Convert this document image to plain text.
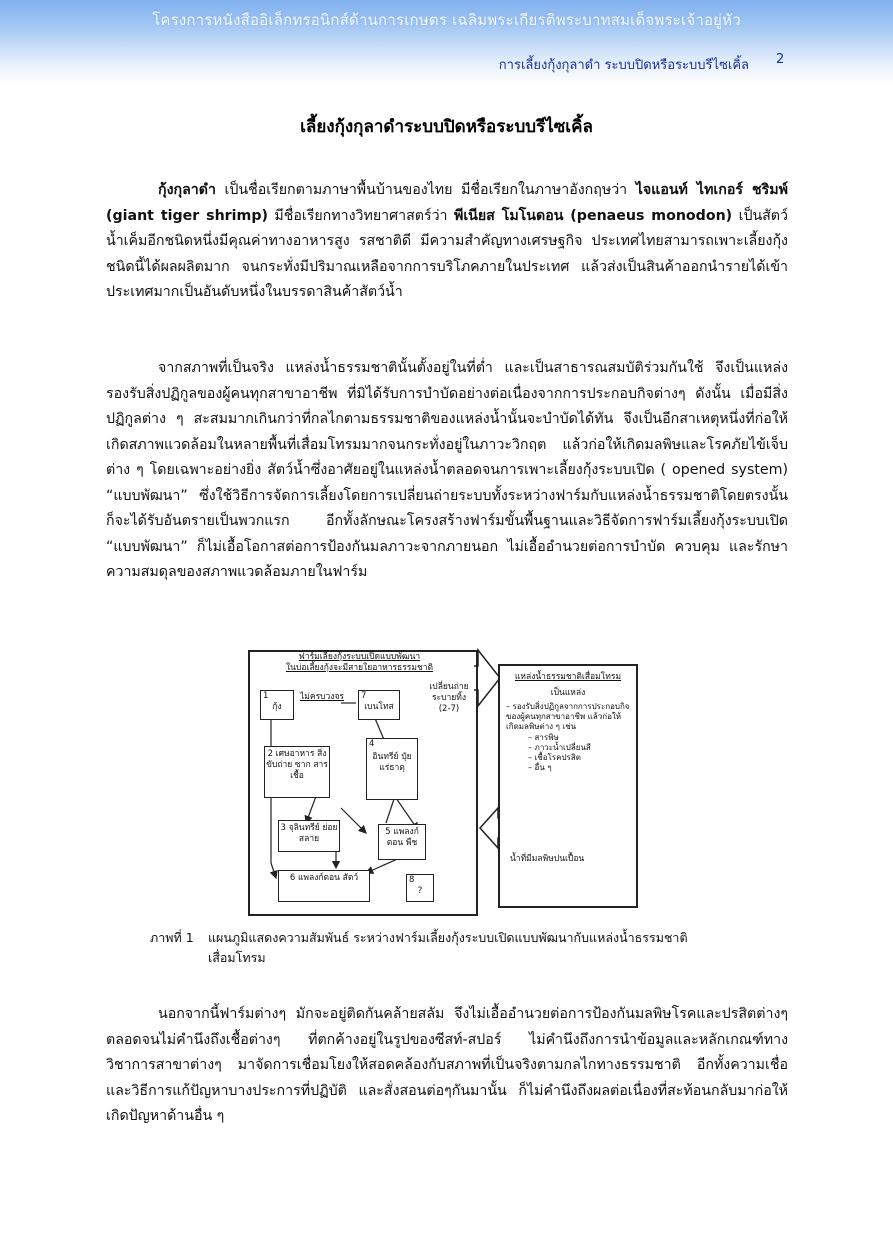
โครงการหนังสืออิเล็กทรอนิกส์ด้านการเกษตร เฉลิมพระเกียรติพระบาทสมเด็จพระเจ้าอยู่หัว
การเลี้ยงกุ้งกุลาดำ ระบบปิดหรือระบบรีไซเคิ้ล 2
เลี้ยงกุ้งกุลาดำระบบปิดหรือระบบรีไซเคิ้ล
กุ้งกุลาดำ เป็นชื่อเรียกตามภาษาพื้นบ้านของไทย มีชื่อเรียกในภาษาอังกฤษว่า ไจแอนท์ ไทเกอร์ ชริมพ์ (giant tiger shrimp) มีชื่อเรียกทางวิทยาศาสตร์ว่า พีเนียส โมโนดอน (penaeus monodon) เป็นสัตว์น้ำเค็มอีกชนิดหนึ่งมีคุณค่าทางอาหารสูง รสชาติดี มีความสำคัญทางเศรษฐกิจ ประเทศไทยสามารถเพาะเลี้ยงกุ้งชนิดนี้ได้ผลผลิตมาก จนกระทั่งมีปริมาณเหลือจากการบริโภคภายในประเทศ แล้วส่งเป็นสินค้าออกนำรายได้เข้าประเทศมากเป็นอันดับหนึ่งในบรรดาสินค้าสัตว์น้ำ
จากสภาพที่เป็นจริง แหล่งน้ำธรรมชาตินั้นตั้งอยู่ในที่ต่ำ และเป็นสาธารณสมบัติร่วมกันใช้ จึงเป็นแหล่งรองรับสิ่งปฏิกูลของผู้คนทุกสาขาอาชีพ ที่มิได้รับการบำบัดอย่างต่อเนื่องจากการประกอบกิจต่างๆ ดังนั้น เมื่อมีสิ่งปฏิกูลต่าง ๆ สะสมมากเกินกว่าที่กลไกตามธรรมชาติของแหล่งน้ำนั้นจะบำบัดได้ทัน จึงเป็นอีกสาเหตุหนึ่งที่ก่อให้เกิดสภาพแวดล้อมในหลายพื้นที่เสื่อมโทรมมากจนกระทั่งอยู่ในภาวะวิกฤต แล้วก่อให้เกิดมลพิษและโรคภัยไข้เจ็บต่าง ๆ โดยเฉพาะอย่างยิ่ง สัตว์น้ำซึ่งอาศัยอยู่ในแหล่งน้ำตลอดจนการเพาะเลี้ยงกุ้งระบบเปิด ( opened system) “แบบพัฒนา” ซึ่งใช้วิธีการจัดการเลี้ยงโดยการเปลี่ยนถ่ายระบบทั้งระหว่างฟาร์มกับแหล่งน้ำธรรมชาติโดยตรงนั้น ก็จะได้รับอันตรายเป็นพวกแรก อีกทั้งลักษณะโครงสร้างฟาร์มขั้นพื้นฐานและวิธีจัดการฟาร์มเลี้ยงกุ้งระบบเปิด “แบบพัฒนา” ก็ไม่เอื้อโอกาสต่อการป้องกันมลภาวะจากภายนอก ไม่เอื้ออำนวยต่อการบำบัด ควบคุม และรักษาความสมดุลของสภาพแวดล้อมภายในฟาร์ม
ฟาร์มเลี้ยงกุ้งระบบเปิดแบบพัฒนา
ในบ่อเลี้ยงกุ้งจะมีสายใยอาหารธรรมชาติ
1
กุ้ง
ไม่ครบวงจร 7
เบนโทส
2 เศษอาหาร สิ่งขับถ่าย ซาก สาร เชื้อ
4
อินทรีย์ ปุ๋ย แร่ธาตุ
3 จุลินทรีย์ ย่อยสลาย
5 แพลงก์ตอน พืช
6 แพลงก์ตอน สัตว์	8
?
เปลี่ยนถ่าย ระบายทิ้ง (2-7)
แหล่งน้ำธรรมชาติเสื่อมโทรม
เป็นแหล่ง
– รองรับสิ่งปฏิกูลจากการประกอบกิจของผู้คนทุกสาขาอาชีพ แล้วก่อให้เกิดมลพิษต่าง ๆ เช่น
– สารพิษ
– ภาวะน้ำเปลี่ยนสี
– เชื้อโรคปรสิต
– อื่น ๆ
น้ำที่มีมลพิษปนเปื้อน
ภาพที่ 1 แผนภูมิแสดงความสัมพันธ์ ระหว่างฟาร์มเลี้ยงกุ้งระบบเปิดแบบพัฒนากับแหล่งน้ำธรรมชาติ
เสื่อมโทรม
นอกจากนี้ฟาร์มต่างๆ มักจะอยู่ติดกันคล้ายสลัม จึงไม่เอื้ออำนวยต่อการป้องกันมลพิษโรคและปรสิตต่างๆ ตลอดจนไม่คำนึงถึงเชื้อต่างๆ ที่ตกค้างอยู่ในรูปของซีสท์-สปอร์ ไม่คำนึงถึงการนำข้อมูลและหลักเกณฑ์ทางวิชาการสาขาต่างๆ มาจัดการเชื่อมโยงให้สอดคล้องกับสภาพที่เป็นจริงตามกลไกทางธรรมชาติ อีกทั้งความเชื่อและวิธีการแก้ปัญหาบางประการที่ปฏิบัติ และสั่งสอนต่อๆกันมานั้น ก็ไม่คำนึงถึงผลต่อเนื่องที่สะท้อนกลับมาก่อให้เกิดปัญหาด้านอื่น ๆ
